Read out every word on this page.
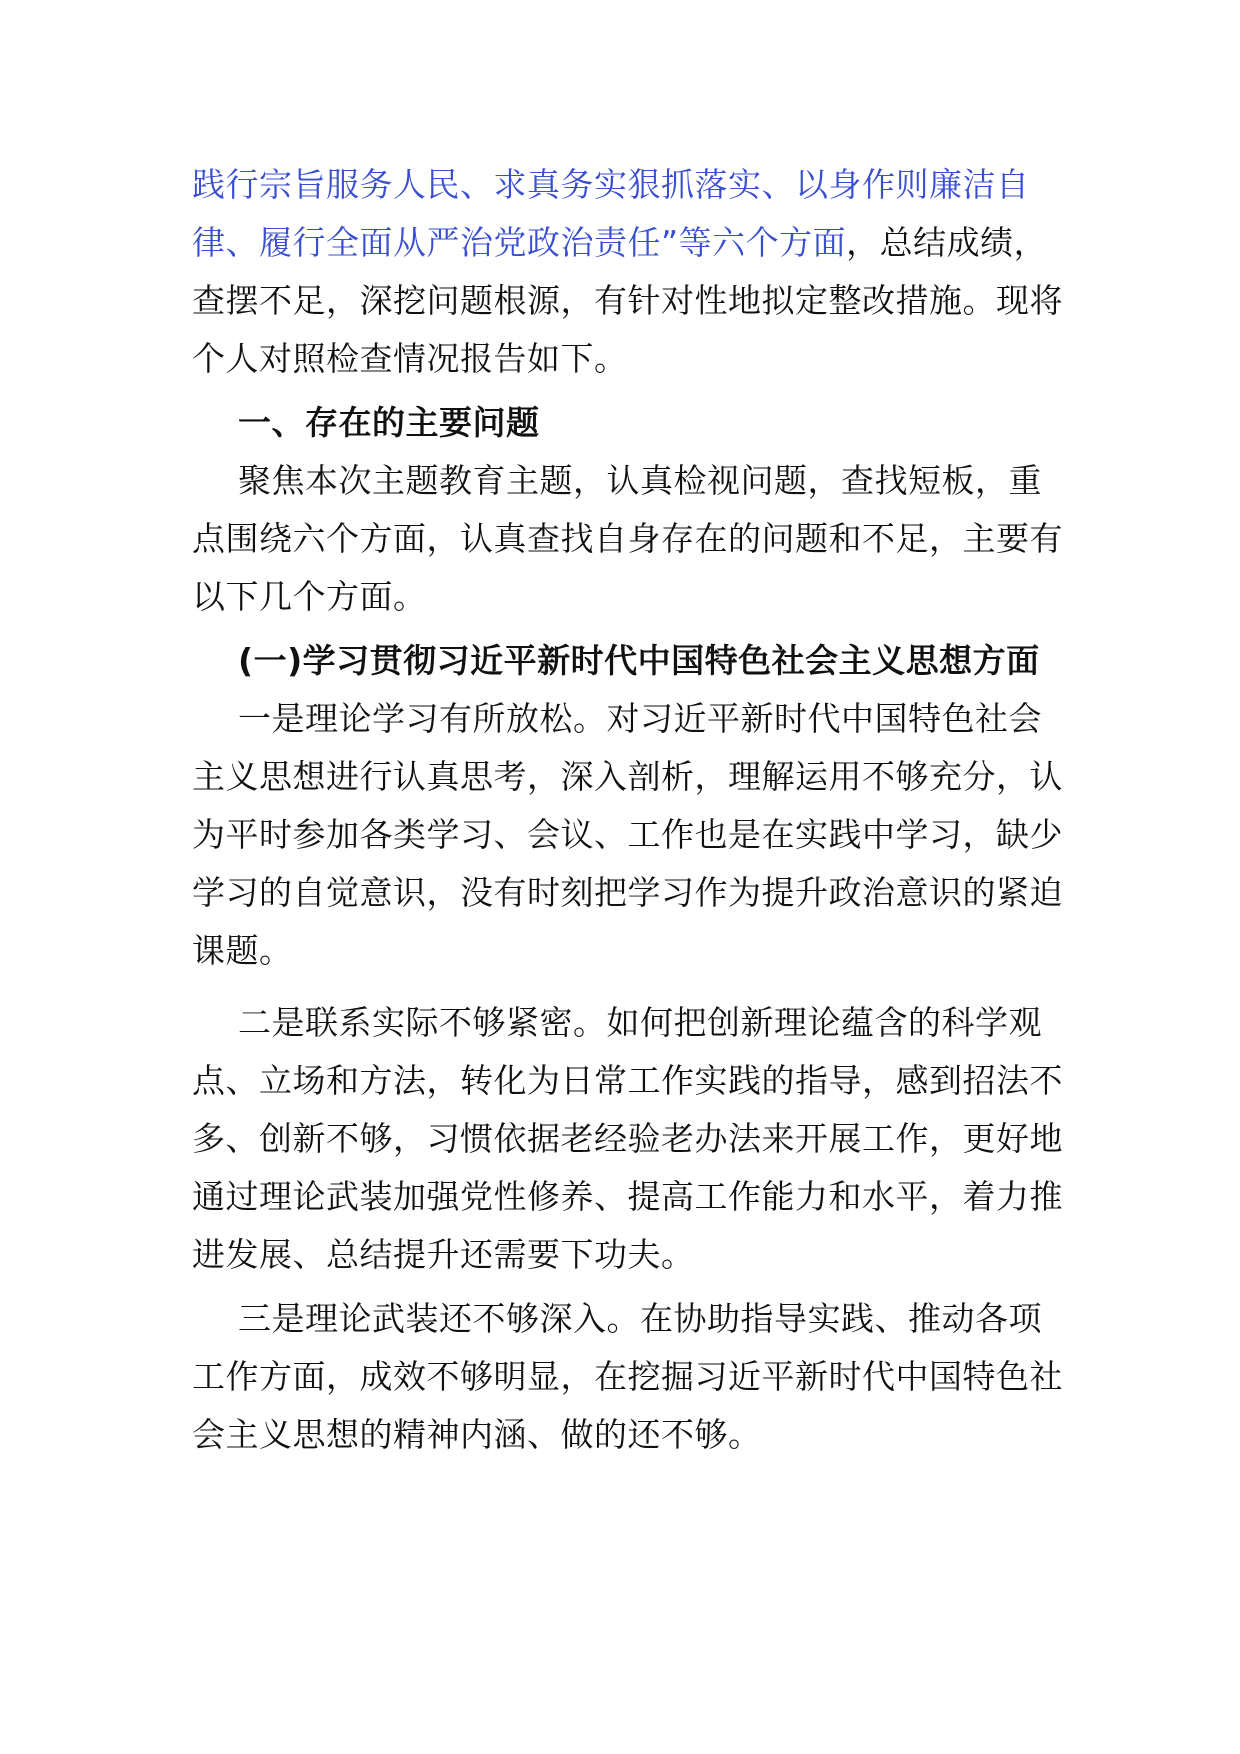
践行宗旨服务人民、求真务实狠抓落实、以身作则廉洁自律、履行全面从严治党政治责任”等六个方面，总结成绩，查摆不足，深挖问题根源，有针对性地拟定整改措施。现将个人对照检查情况报告如下。

一、存在的主要问题

聚焦本次主题教育主题，认真检视问题，查找短板，重点围绕六个方面，认真查找自身存在的问题和不足，主要有以下几个方面。

(一)学习贯彻习近平新时代中国特色社会主义思想方面

一是理论学习有所放松。对习近平新时代中国特色社会主义思想进行认真思考，深入剖析，理解运用不够充分，认为平时参加各类学习、会议、工作也是在实践中学习，缺少学习的自觉意识，没有时刻把学习作为提升政治意识的紧迫课题。

二是联系实际不够紧密。如何把创新理论蕴含的科学观点、立场和方法，转化为日常工作实践的指导，感到招法不多、创新不够，习惯依据老经验老办法来开展工作，更好地通过理论武装加强党性修养、提高工作能力和水平，着力推进发展、总结提升还需要下功夫。

三是理论武装还不够深入。在协助指导实践、推动各项工作方面，成效不够明显，在挖掘习近平新时代中国特色社会主义思想的精神内涵、做的还不够。
